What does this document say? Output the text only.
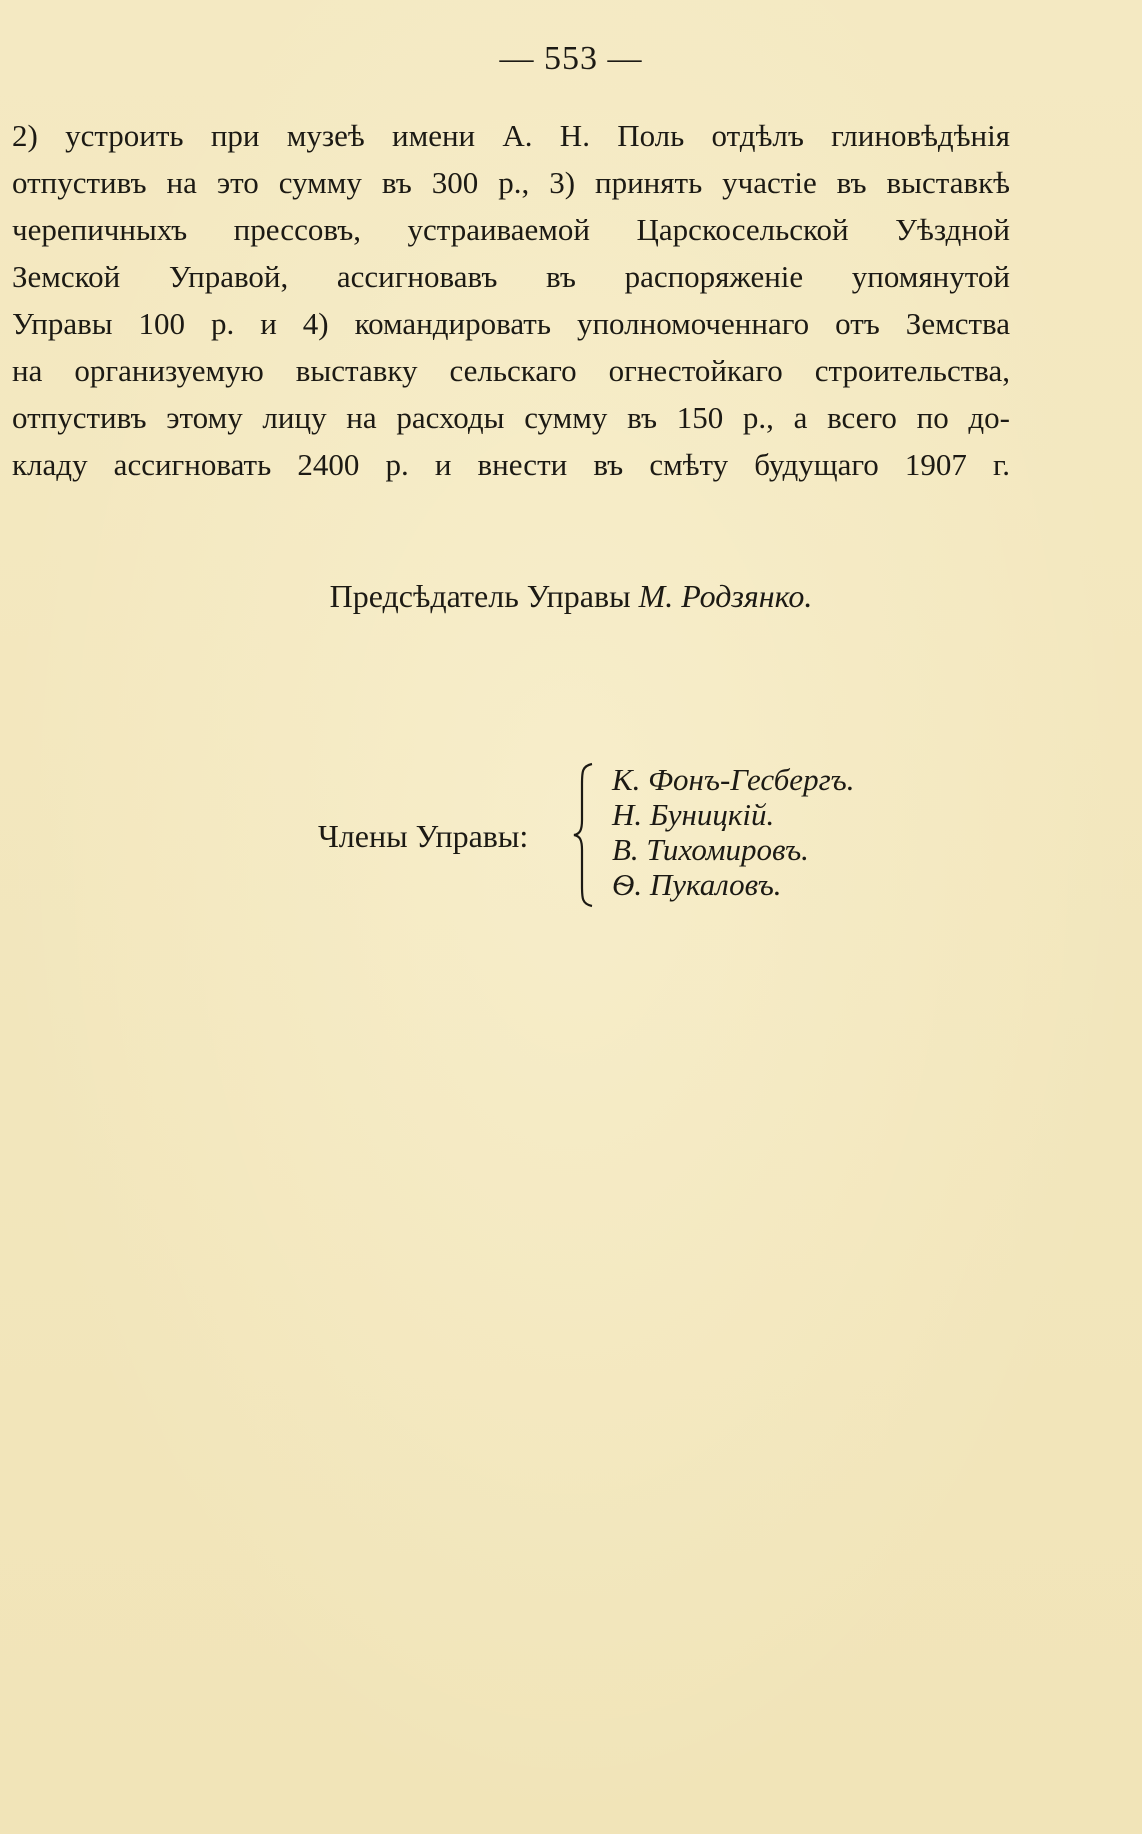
— 553 —
2) устроить при музеѣ имени А. Н. Поль отдѣлъ глиновѣдѣнія
отпустивъ на это сумму въ 300 р., 3) принять участіе въ выставкѣ
черепичныхъ прессовъ, устраиваемой Царскосельской Уѣздной
Земской Управой, ассигновавъ въ распоряженіе упомянутой
Управы 100 р. и 4) командировать уполномоченнаго отъ Земства
на организуемую выставку сельскаго огнестойкаго строительства,
отпустивъ этому лицу на расходы сумму въ 150 р., а всего по до-
кладу ассигновать 2400 р. и внести въ смѣту будущаго 1907 г.
Предсѣдатель Управы М. Родзянко.
Члены Управы:
К. Фонъ-Гесбергъ.
Н. Буницкій.
В. Тихомировъ.
Ѳ. Пукаловъ.
